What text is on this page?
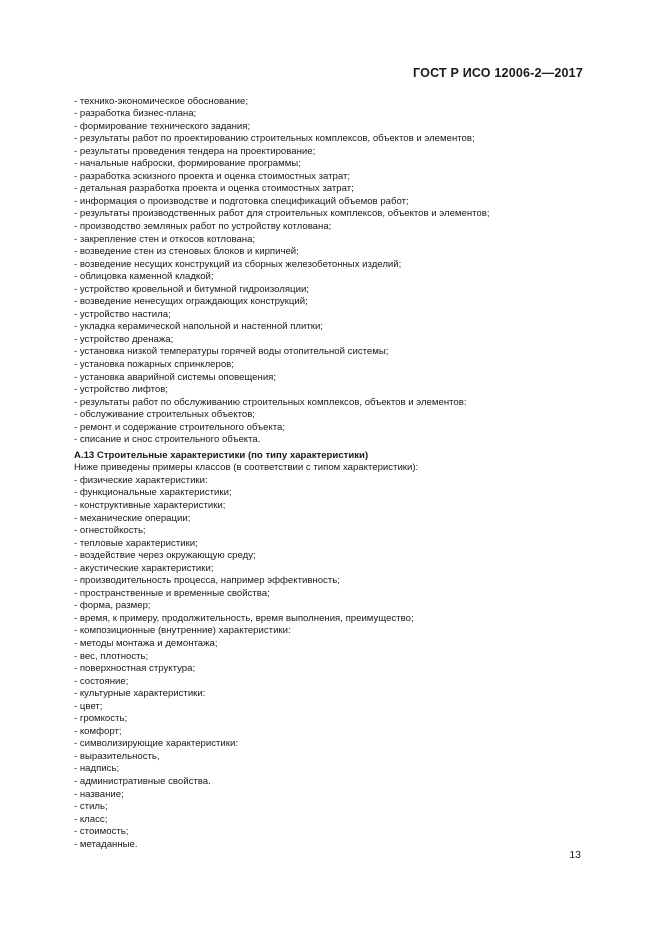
ГОСТ Р ИСО 12006-2—2017
- технико-экономическое обоснование;
- разработка бизнес-плана;
- формирование технического задания;
- результаты работ по проектированию строительных комплексов, объектов и элементов;
- результаты проведения тендера на проектирование;
- начальные наброски, формирование программы;
- разработка эскизного проекта и оценка стоимостных затрат;
- детальная разработка проекта и оценка стоимостных затрат;
- информация о производстве и подготовка спецификаций объемов работ;
- результаты производственных работ для строительных комплексов, объектов и элементов;
- производство земляных работ по устройству котлована;
- закрепление стен и откосов котлована;
- возведение стен из стеновых блоков и кирпичей;
- возведение несущих конструкций из сборных железобетонных изделий;
- облицовка каменной кладкой;
- устройство кровельной и битумной гидроизоляции;
- возведение ненесущих ограждающих конструкций;
- устройство настила;
- укладка керамической напольной и настенной плитки;
- устройство дренажа;
- установка низкой температуры горячей воды отопительной системы;
- установка пожарных спринклеров;
- установка аварийной системы оповещения;
- устройство лифтов;
- результаты работ по обслуживанию строительных комплексов, объектов и элементов:
- обслуживание строительных объектов;
- ремонт и содержание строительного объекта;
- списание и снос строительного объекта.
А.13 Строительные характеристики (по типу характеристики)
Ниже приведены примеры классов (в соответствии с типом характеристики):
- физические характеристики:
- функциональные характеристики;
- конструктивные характеристики;
- механические операции;
- огнестойкость;
- тепловые характеристики;
- воздействие через окружающую среду;
- акустические характеристики;
- производительность процесса, например эффективность;
- пространственные и временные свойства;
- форма, размер;
- время, к примеру, продолжительность, время выполнения, преимущество;
- композиционные (внутренние) характеристики:
- методы монтажа и демонтажа;
- вес, плотность;
- поверхностная структура;
- состояние;
- культурные характеристики:
- цвет;
- громкость;
- комфорт;
- символизирующие характеристики:
- выразительность,
- надпись;
- административные свойства.
- название;
- стиль;
- класс;
- стоимость;
- метаданные.
13
